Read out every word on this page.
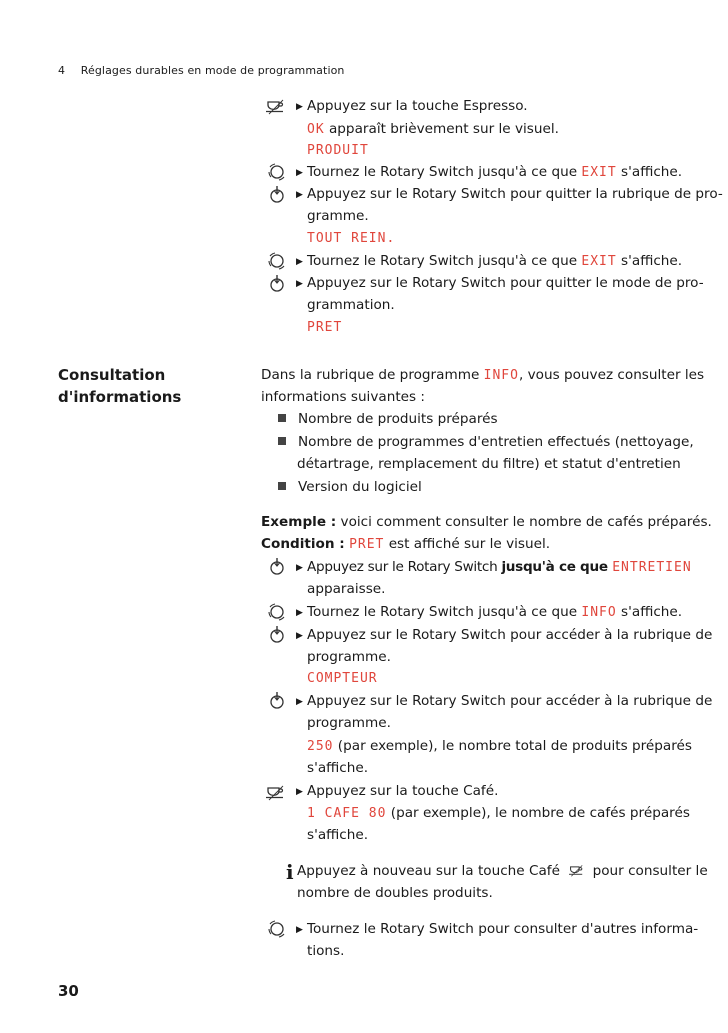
4 Réglages durables en mode de programmation
▶ Appuyez sur la touche Espresso.
OK apparaît brièvement sur le visuel.
PRODUIT
▶ Tournez le Rotary Switch jusqu'à ce que EXIT s'affiche.
▶ Appuyez sur le Rotary Switch pour quitter la rubrique de pro-
gramme.
TOUT REIN.
▶ Tournez le Rotary Switch jusqu'à ce que EXIT s'affiche.
▶ Appuyez sur le Rotary Switch pour quitter le mode de pro-
grammation.
PRET
Consultation
d'informations
Dans la rubrique de programme INFO, vous pouvez consulter les
informations suivantes :
Nombre de produits préparés
Nombre de programmes d'entretien effectués (nettoyage,
détartrage, remplacement du filtre) et statut d'entretien
Version du logiciel
Exemple : voici comment consulter le nombre de cafés préparés.
Condition : PRET est affiché sur le visuel.
▶ Appuyez sur le Rotary Switch jusqu'à ce que ENTRETIEN
apparaisse.
▶ Tournez le Rotary Switch jusqu'à ce que INFO s'affiche.
▶ Appuyez sur le Rotary Switch pour accéder à la rubrique de
programme.
COMPTEUR
▶ Appuyez sur le Rotary Switch pour accéder à la rubrique de
programme.
250 (par exemple), le nombre total de produits préparés
s'affiche.
▶ Appuyez sur la touche Café.
1 CAFE 80 (par exemple), le nombre de cafés préparés
s'affiche.
i Appuyez à nouveau sur la touche Café  pour consulter le
nombre de doubles produits.
▶ Tournez le Rotary Switch pour consulter d'autres informa-
tions.
30
